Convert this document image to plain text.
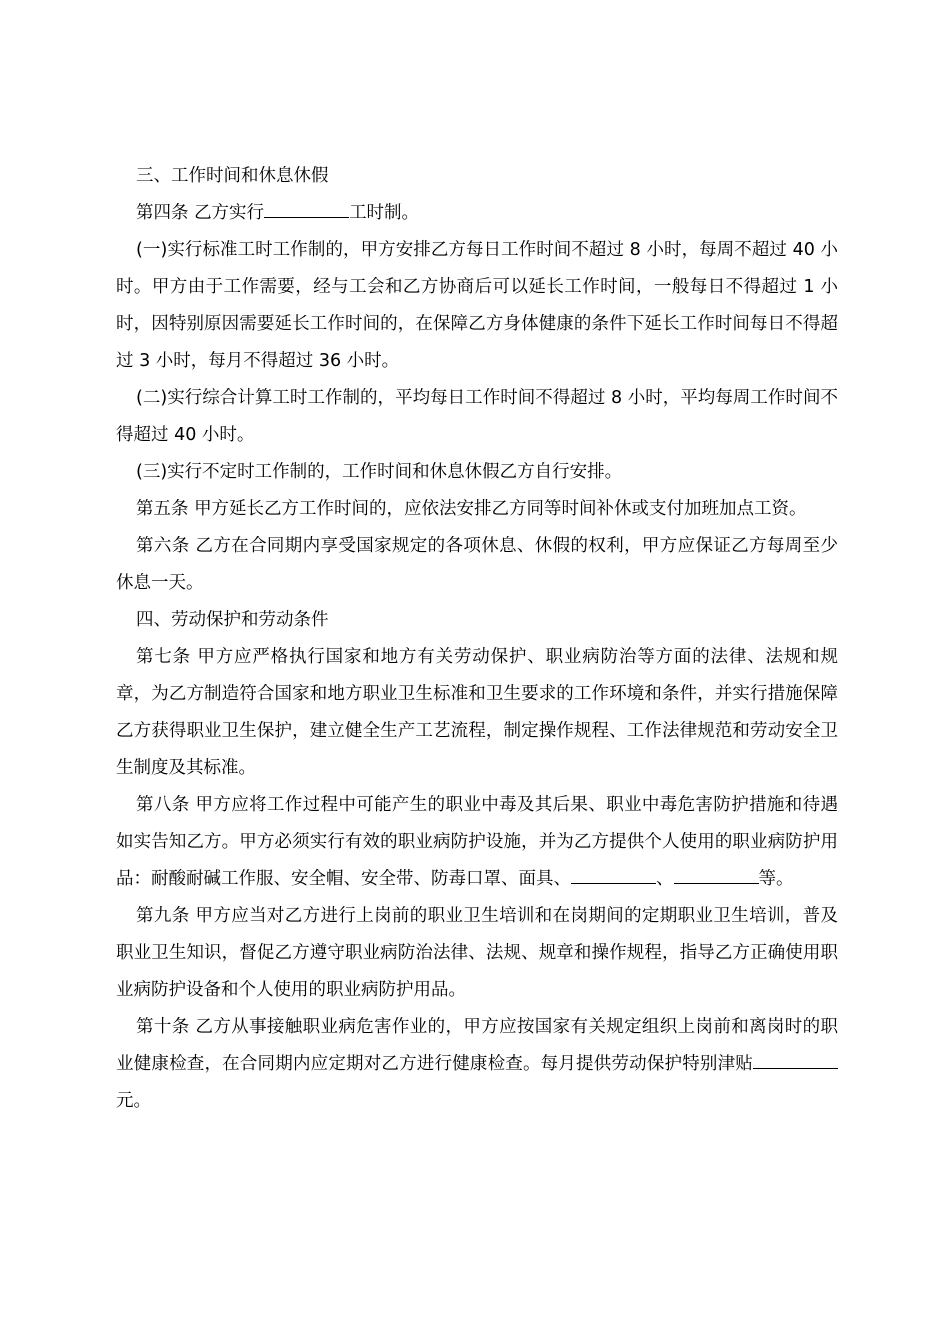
三、工作时间和休息休假

第四条 乙方实行	工时制。

(一)实行标准工时工作制的，甲方安排乙方每日工作时间不超过 8 小时，每周不超过 40 小时。甲方由于工作需要，经与工会和乙方协商后可以延长工作时间，一般每日不得超过 1 小时，因特别原因需要延长工作时间的，在保障乙方身体健康的条件下延长工作时间每日不得超过 3 小时，每月不得超过 36 小时。

(二)实行综合计算工时工作制的，平均每日工作时间不得超过 8 小时，平均每周工作时间不得超过 40 小时。

(三)实行不定时工作制的，工作时间和休息休假乙方自行安排。

第五条 甲方延长乙方工作时间的，应依法安排乙方同等时间补休或支付加班加点工资。

第六条 乙方在合同期内享受国家规定的各项休息、休假的权利，甲方应保证乙方每周至少休息一天。

四、劳动保护和劳动条件

第七条 甲方应严格执行国家和地方有关劳动保护、职业病防治等方面的法律、法规和规章，为乙方制造符合国家和地方职业卫生标准和卫生要求的工作环境和条件，并实行措施保障乙方获得职业卫生保护，建立健全生产工艺流程，制定操作规程、工作法律规范和劳动安全卫生制度及其标准。

第八条 甲方应将工作过程中可能产生的职业中毒及其后果、职业中毒危害防护措施和待遇如实告知乙方。甲方必须实行有效的职业病防护设施，并为乙方提供个人使用的职业病防护用品：耐酸耐碱工作服、安全帽、安全带、防毒口罩、面具、	、	等。

第九条 甲方应当对乙方进行上岗前的职业卫生培训和在岗期间的定期职业卫生培训，普及职业卫生知识，督促乙方遵守职业病防治法律、法规、规章和操作规程，指导乙方正确使用职业病防护设备和个人使用的职业病防护用品。

第十条 乙方从事接触职业病危害作业的，甲方应按国家有关规定组织上岗前和离岗时的职业健康检查，在合同期内应定期对乙方进行健康检查。每月提供劳动保护特别津贴元。
